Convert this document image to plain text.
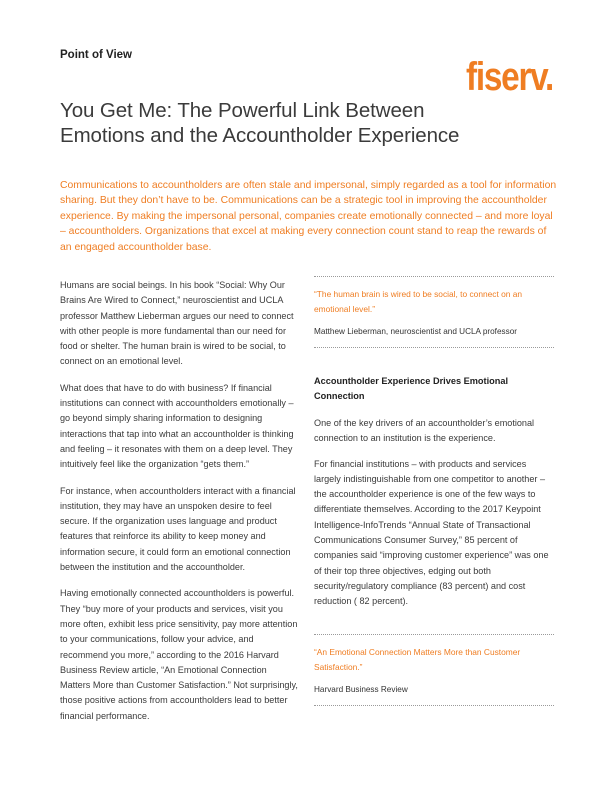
Point of View	fiserv.
You Get Me: The Powerful Link Between Emotions and the Accountholder Experience

Communications to accountholders are often stale and impersonal, simply regarded as a tool for information sharing. But they don’t have to be. Communications can be a strategic tool in improving the accountholder experience. By making the impersonal personal, companies create emotionally connected – and more loyal – accountholders. Organizations that excel at making every connection count stand to reap the rewards of an engaged accountholder base.

Humans are social beings. In his book “Social: Why Our Brains Are Wired to Connect,” neuroscientist and UCLA professor Matthew Lieberman argues our need to connect with other people is more fundamental than our need for food or shelter. The human brain is wired to be social, to connect on an emotional level.

What does that have to do with business? If financial institutions can connect with accountholders emotionally – go beyond simply sharing information to designing interactions that tap into what an accountholder is thinking and feeling – it resonates with them on a deep level. They intuitively feel like the organization “gets them.”

For instance, when accountholders interact with a financial institution, they may have an unspoken desire to feel secure. If the organization uses language and product features that reinforce its ability to keep money and information secure, it could form an emotional connection between the institution and the accountholder.

Having emotionally connected accountholders is powerful. They “buy more of your products and services, visit you more often, exhibit less price sensitivity, pay more attention to your communications, follow your advice, and recommend you more,” according to the 2016 Harvard Business Review article, “An Emotional Connection Matters More than Customer Satisfaction.” Not surprisingly, those positive actions from accountholders lead to better financial performance.

“The human brain is wired to be social, to connect on an emotional level.”

Matthew Lieberman, neuroscientist and UCLA professor

Accountholder Experience Drives Emotional Connection

One of the key drivers of an accountholder’s emotional connection to an institution is the experience.

For financial institutions – with products and services largely indistinguishable from one competitor to another – the accountholder experience is one of the few ways to differentiate themselves. According to the 2017 Keypoint Intelligence-InfoTrends “Annual State of Transactional Communications Consumer Survey,” 85 percent of companies said “improving customer experience” was one of their top three objectives, edging out both security/regulatory compliance (83 percent) and cost reduction ( 82 percent).

“An Emotional Connection Matters More than Customer Satisfaction.”

Harvard Business Review
